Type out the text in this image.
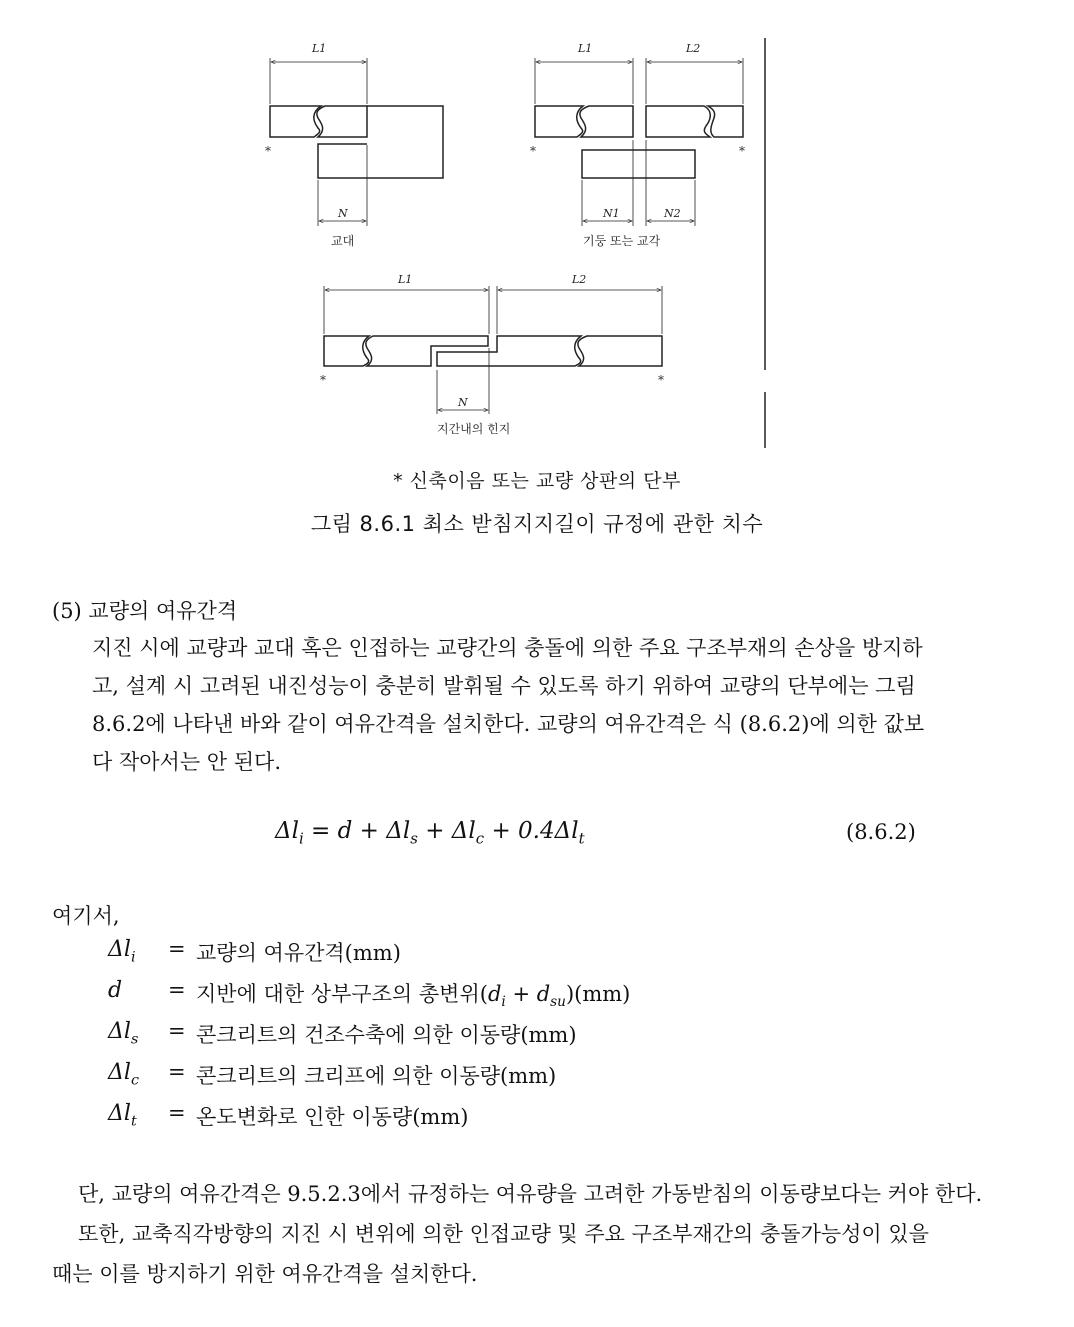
L1	L1	L2
L1	L2
N	N1	N2
N
교대	기둥 또는 교각
지간내의 힌지
*	*	*
*	*
* 신축이음 또는 교량 상판의 단부
그림 8.6.1 최소 받침지지길이 규정에 관한 치수
(5) 교량의 여유간격
지진 시에 교량과 교대 혹은 인접하는 교량간의 충돌에 의한 주요 구조부재의 손상을 방지하
고, 설계 시 고려된 내진성능이 충분히 발휘될 수 있도록 하기 위하여 교량의 단부에는 그림
8.6.2에 나타낸 바와 같이 여유간격을 설치한다. 교량의 여유간격은 식 (8.6.2)에 의한 값보
다 작아서는 안 된다.
$\Delta l_i = d + \Delta l_s + \Delta l_c + 0.4\Delta l_t$	(8.6.2)
여기서,
$\Delta l_i$ = 교량의 여유간격(mm)
d = 지반에 대한 상부구조의 총변위$(d_i + d_{su})(mm)$
$\Delta l_s$ = 콘크리트의 건조수축에 의한 이동량(mm)
$\Delta l_c$ = 콘크리트의 크리프에 의한 이동량(mm)
$\Delta l_t$ = 온도변화로 인한 이동량(mm)
단, 교량의 여유간격은 9.5.2.3에서 규정하는 여유량을 고려한 가동받침의 이동량보다는 커야 한다.
또한, 교축직각방향의 지진 시 변위에 의한 인접교량 및 주요 구조부재간의 충돌가능성이 있을
때는 이를 방지하기 위한 여유간격을 설치한다.
